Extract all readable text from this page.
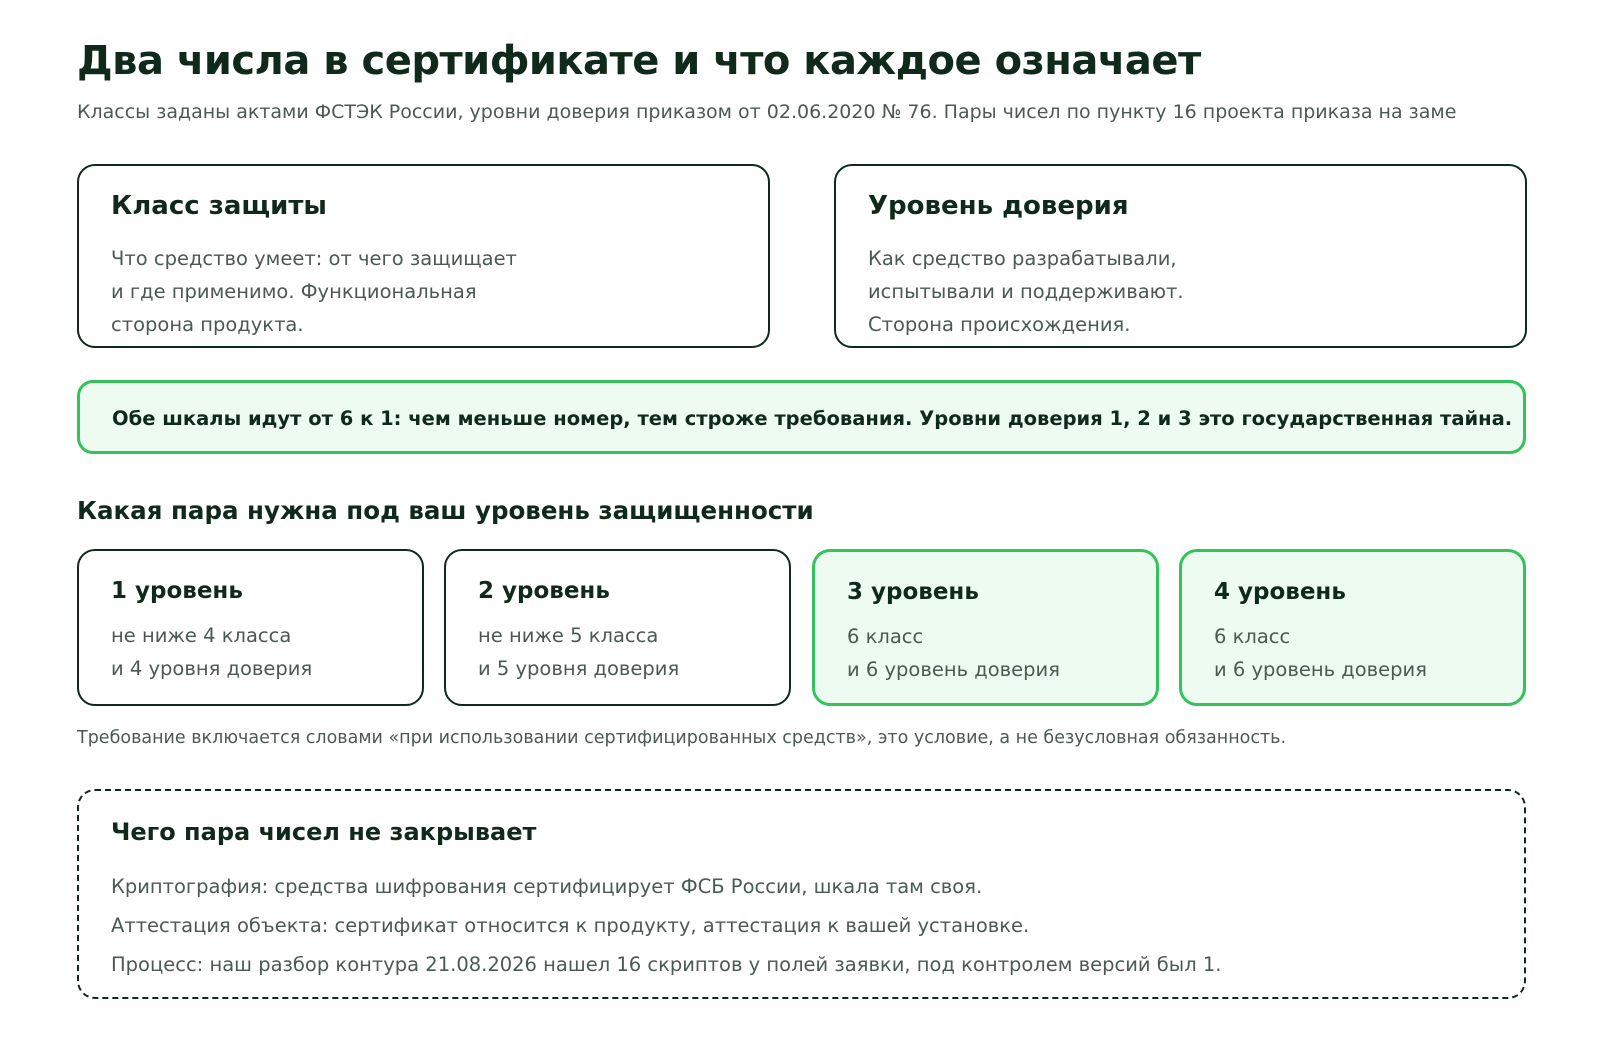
Два числа в сертификате и что каждое означает

Классы заданы актами ФСТЭК России, уровни доверия приказом от 02.06.2020 № 76. Пары чисел по пункту 16 проекта приказа на заме

Класс защиты
Что средство умеет: от чего защищает
и где применимо. Функциональная
сторона продукта.
Уровень доверия
Как средство разрабатывали,
испытывали и поддерживают.
Сторона происхождения.
Обе шкалы идут от 6 к 1: чем меньше номер, тем строже требования. Уровни доверия 1, 2 и 3 это государственная тайна.
Какая пара нужна под ваш уровень защищенности
1 уровень
не ниже 4 класса
и 4 уровня доверия
2 уровень
не ниже 5 класса
и 5 уровня доверия
3 уровень
6 класс
и 6 уровень доверия
4 уровень
6 класс
и 6 уровень доверия

Требование включается словами «при использовании сертифицированных средств», это условие, а не безусловная обязанность.

Чего пара чисел не закрывает
Криптография: средства шифрования сертифицирует ФСБ России, шкала там своя.
Аттестация объекта: сертификат относится к продукту, аттестация к вашей установке.
Процесс: наш разбор контура 21.08.2026 нашел 16 скриптов у полей заявки, под контролем версий был 1.
